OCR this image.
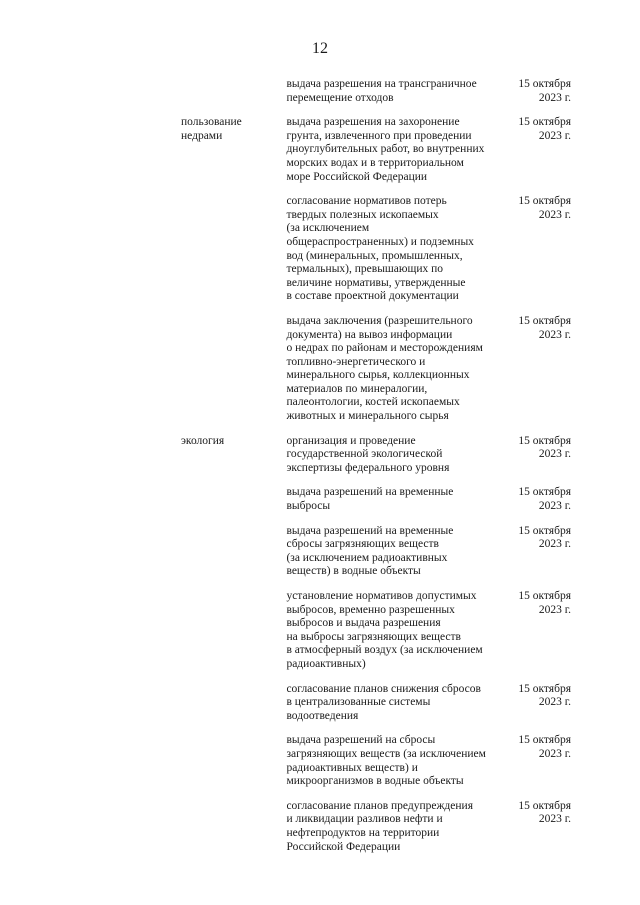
12
выдача разрешения на трансграничное
перемещение отходов
15 октября
2023 г.
пользование
недрами
выдача разрешения на захоронение
грунта, извлеченного при проведении
дноуглубительных работ, во внутренних
морских водах и в территориальном
море Российской Федерации
15 октября
2023 г.
согласование нормативов потерь
твердых полезных ископаемых
(за исключением
общераспространенных) и подземных
вод (минеральных, промышленных,
термальных), превышающих по
величине нормативы, утвержденные
в составе проектной документации
15 октября
2023 г.
выдача заключения (разрешительного
документа) на вывоз информации
о недрах по районам и месторождениям
топливно-энергетического и
минерального сырья, коллекционных
материалов по минералогии,
палеонтологии, костей ископаемых
животных и минерального сырья
15 октября
2023 г.
экология	организация и проведение
государственной экологической
экспертизы федерального уровня
15 октября
2023 г.
выдача разрешений на временные
выбросы
15 октября
2023 г.
выдача разрешений на временные
сбросы загрязняющих веществ
(за исключением радиоактивных
веществ) в водные объекты
15 октября
2023 г.
установление нормативов допустимых
выбросов, временно разрешенных
выбросов и выдача разрешения
на выбросы загрязняющих веществ
в атмосферный воздух (за исключением
радиоактивных)
15 октября
2023 г.
согласование планов снижения сбросов
в централизованные системы
водоотведения
15 октября
2023 г.
выдача разрешений на сбросы
загрязняющих веществ (за исключением
радиоактивных веществ) и
микроорганизмов в водные объекты
15 октября
2023 г.
согласование планов предупреждения
и ликвидации разливов нефти и
нефтепродуктов на территории
Российской Федерации
15 октября
2023 г.
